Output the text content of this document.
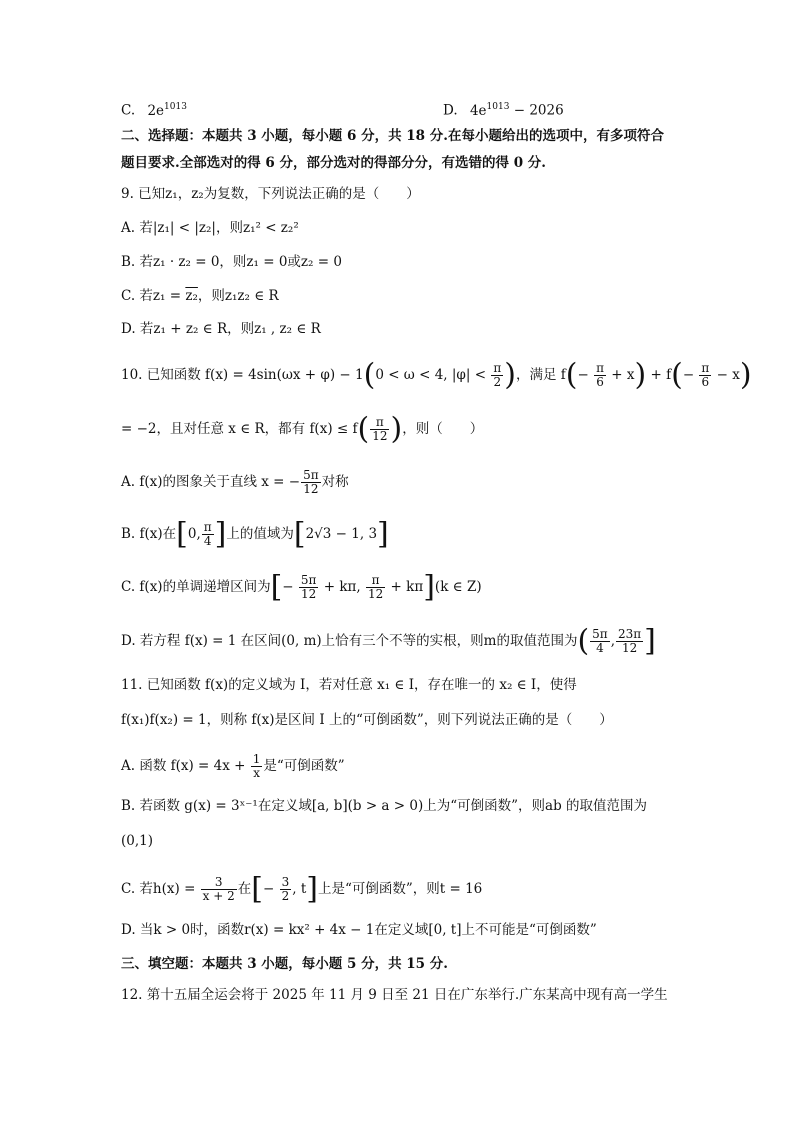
C. $2e^{1013}$	D. $4e^{1013} - 2026$
二、选择题：本题共 3 小题，每小题 6 分，共 18 分.在每小题给出的选项中，有多项符合
题目要求.全部选对的得 6 分，部分选对的得部分分，有选错的得 0 分.
9. 已知z₁，z₂为复数，下列说法正确的是（　　）
A. 若|z₁| < |z₂|，则z₁² < z₂²
B. 若z₁ · z₂ = 0，则z₁ = 0或z₂ = 0
C. 若z₁ = z₂，则z₁z₂ ∈ R
D. 若z₁ + z₂ ∈ R，则z₁ , z₂ ∈ R
10. 已知函数 f(x) = 4sin(ωx + φ) − 1(0 < ω < 4, $|\varphi| < \frac{\pi}{2}$ )，满足 $f(- \frac{\pi}{6} + x) + f(- \frac{\pi}{6} - x)$
= −2，且对任意 x ∈ R，都有 $f(x) \le f( \frac{\pi}{12}$ )，则（　　）
A. f(x)的图象关于直线 x = − $\frac{5\pi}{12}$ 对称
B. f(x)在[0, $\frac{\pi}{4}$ ]上的值域为[2√3 − 1, 3]
C. f(x)的单调递增区间为[− $\frac{5\pi}{12} + k\pi$, $\frac{\pi}{12} + k\pi](k$ ∈ Z)
D. 若方程 f(x) = 1 在区间(0, m)上恰有三个不等的实根，则m的取值范围为( $\frac{5\pi}{4}$ , $\frac{23\pi}{12}$ ]
11. 已知函数 f(x)的定义域为 I，若对任意 x₁ ∈ I，存在唯一的 x₂ ∈ I，使得
f(x₁)f(x₂) = 1，则称 f(x)是区间 I 上的“可倒函数”，则下列说法正确的是（　　）
A. 函数 $f(x) = 4x + \frac{1}{x}$ 是“可倒函数”
B. 若函数 g(x) = 3ˣ⁻¹在定义域[a, b](b > a > 0)上为“可倒函数”，则ab 的取值范围为
(0,1)
C. 若$h(x) = \frac{3}{x + 2}$ 在[− $\frac{3}{2}$ , t]上是“可倒函数”，则t = 16
D. 当k > 0时，函数r(x) = kx² + 4x − 1在定义域[0, t]上不可能是“可倒函数”
三、填空题：本题共 3 小题，每小题 5 分，共 15 分.
12. 第十五届全运会将于 2025 年 11 月 9 日至 21 日在广东举行.广东某高中现有高一学生
